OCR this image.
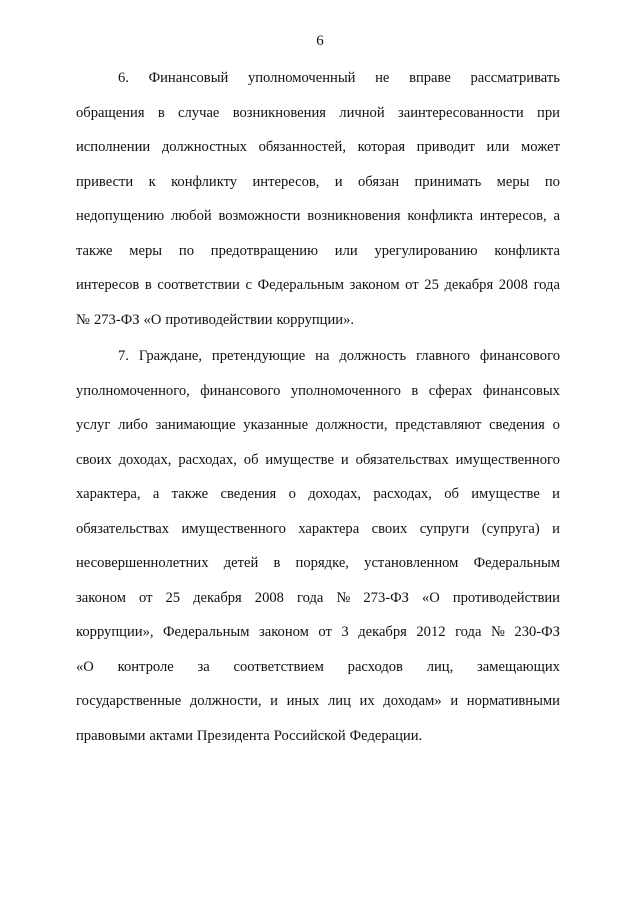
6
6. Финансовый уполномоченный не вправе рассматривать
обращения в случае возникновения личной заинтересованности при
исполнении должностных обязанностей, которая приводит или может
привести к конфликту интересов, и обязан принимать меры по
недопущению любой возможности возникновения конфликта интересов, а
также меры по предотвращению или урегулированию конфликта
интересов в соответствии с Федеральным законом от 25 декабря 2008 года
№ 273-ФЗ «О противодействии коррупции».
7. Граждане, претендующие на должность главного финансового
уполномоченного, финансового уполномоченного в сферах финансовых
услуг либо занимающие указанные должности, представляют сведения о
своих доходах, расходах, об имуществе и обязательствах имущественного
характера, а также сведения о доходах, расходах, об имуществе и
обязательствах имущественного характера своих супруги (супруга) и
несовершеннолетних детей в порядке, установленном Федеральным
законом от 25 декабря 2008 года № 273-ФЗ «О противодействии
коррупции», Федеральным законом от 3 декабря 2012 года № 230-ФЗ
«О контроле за соответствием расходов лиц, замещающих
государственные должности, и иных лиц их доходам» и нормативными
правовыми актами Президента Российской Федерации.
